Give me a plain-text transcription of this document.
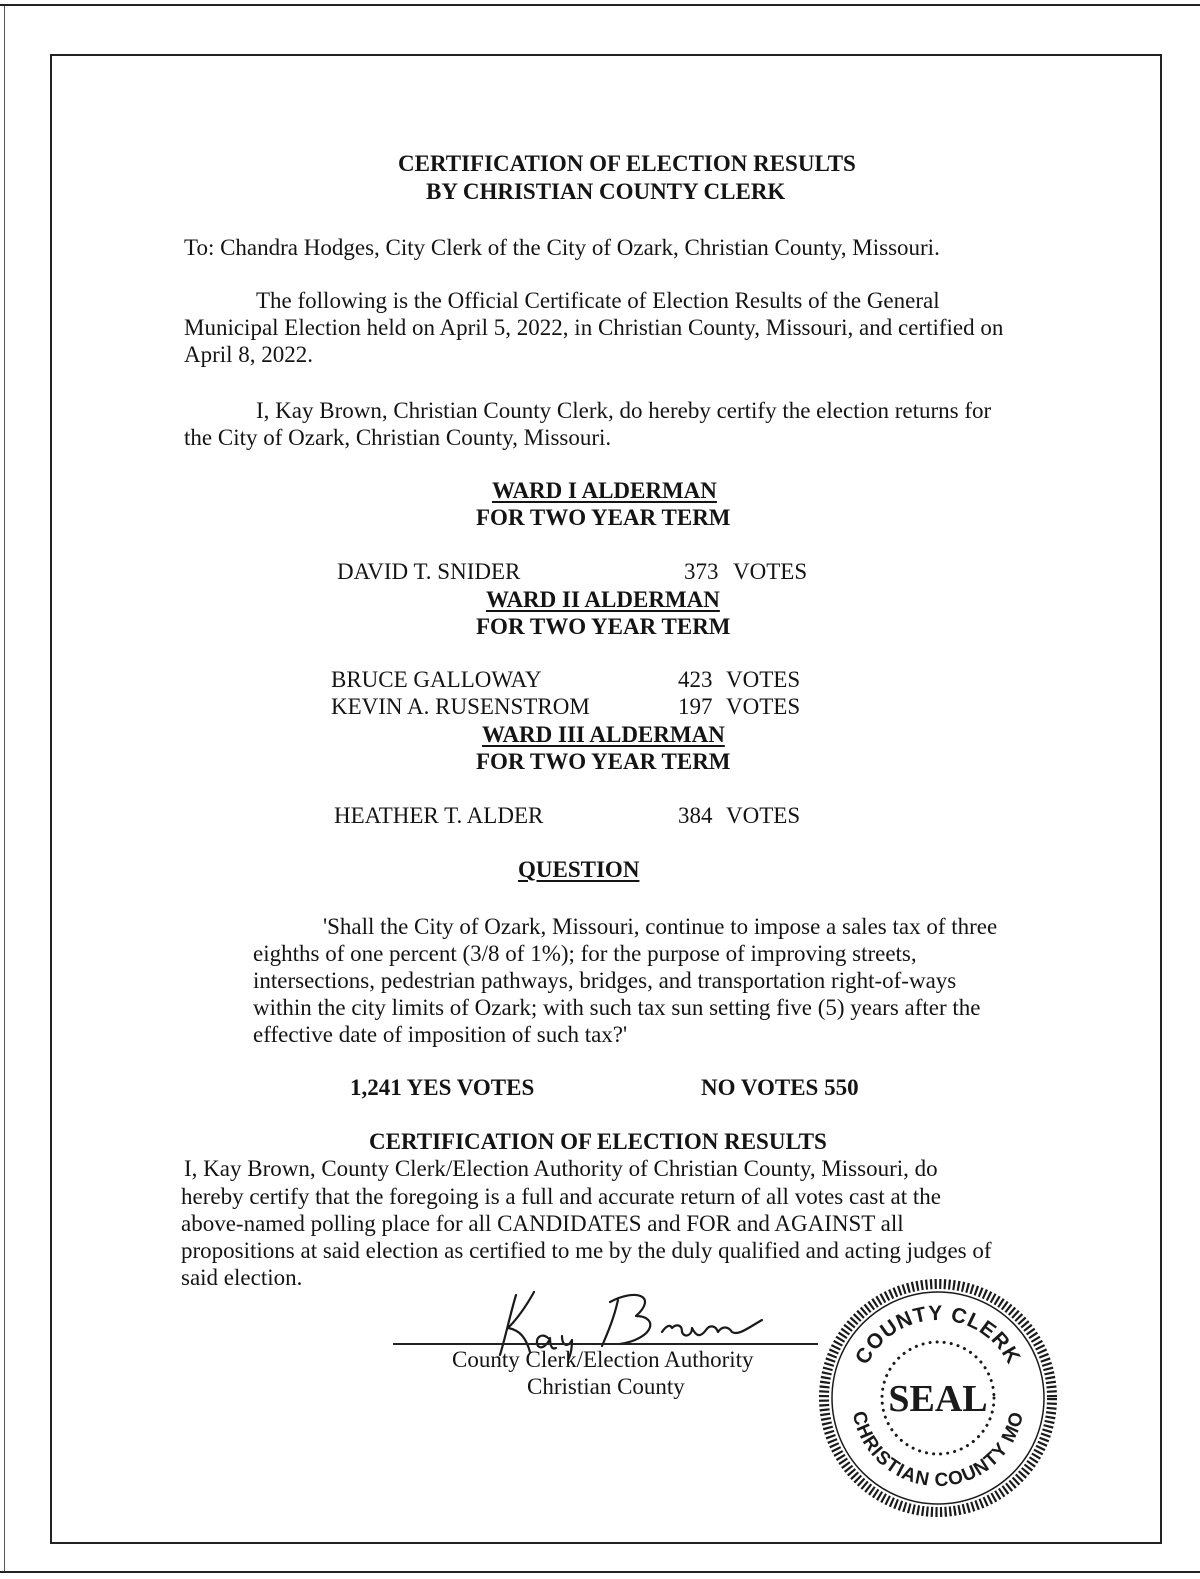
CERTIFICATION OF ELECTION RESULTS

BY CHRISTIAN COUNTY CLERK

To: Chandra Hodges, City Clerk of the City of Ozark, Christian County, Missouri.

The following is the Official Certificate of Election Results of the General

Municipal Election held on April 5, 2022, in Christian County, Missouri, and certified on

April 8, 2022.

I, Kay Brown, Christian County Clerk, do hereby certify the election returns for

the City of Ozark, Christian County, Missouri.

WARD I ALDERMAN

FOR TWO YEAR TERM

DAVID T. SNIDER	373 VOTES

WARD II ALDERMAN

FOR TWO YEAR TERM

BRUCE GALLOWAY	423 VOTES

KEVIN A. RUSENSTROM	197 VOTES

WARD III ALDERMAN

FOR TWO YEAR TERM

HEATHER T. ALDER	384 VOTES

QUESTION

'Shall the City of Ozark, Missouri, continue to impose a sales tax of three

eighths of one percent (3/8 of 1%); for the purpose of improving streets,

intersections, pedestrian pathways, bridges, and transportation right-of-ways

within the city limits of Ozark; with such tax sun setting five (5) years after the

effective date of imposition of such tax?'

1,241 YES VOTES	NO VOTES 550

CERTIFICATION OF ELECTION RESULTS

I, Kay Brown, County Clerk/Election Authority of Christian County, Missouri, do

hereby certify that the foregoing is a full and accurate return of all votes cast at the

above-named polling place for all CANDIDATES and FOR and AGAINST all

propositions at said election as certified to me by the duly qualified and acting judges of

said election.

County Clerk/Election Authority

Christian County

COUNTY CLERK
CHRISTIAN COUNTY MO
SEAL
